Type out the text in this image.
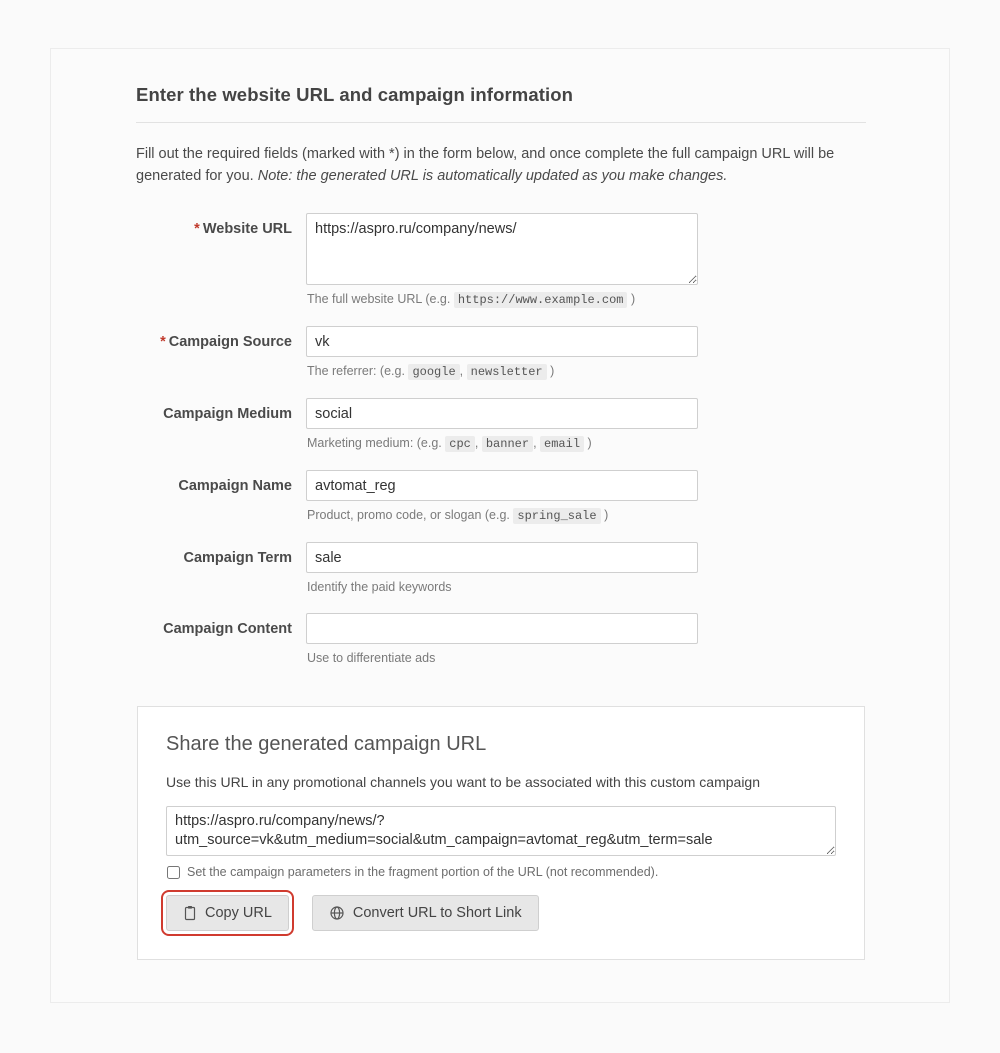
Enter the website URL and campaign information

Fill out the required fields (marked with *) in the form below, and once complete the full campaign URL will be generated for you. Note: the generated URL is automatically updated as you make changes.

* Website URL
https://aspro.ru/company/news/
The full website URL (e.g. https://www.example.com )
* Campaign Source
vk
The referrer: (e.g. google , newsletter )
Campaign Medium
social
Marketing medium: (e.g. cpc , banner , email )
Campaign Name
avtomat_reg
Product, promo code, or slogan (e.g. spring_sale )
Campaign Term
sale
Identify the paid keywords
Campaign Content
Use to differentiate ads
Share the generated campaign URL
Use this URL in any promotional channels you want to be associated with this custom campaign
https://aspro.ru/company/news/?utm_source=vk&utm_medium=social&utm_campaign=avtomat_reg&utm_term=sale
Set the campaign parameters in the fragment portion of the URL (not recommended).
Copy URL	Convert URL to Short Link
